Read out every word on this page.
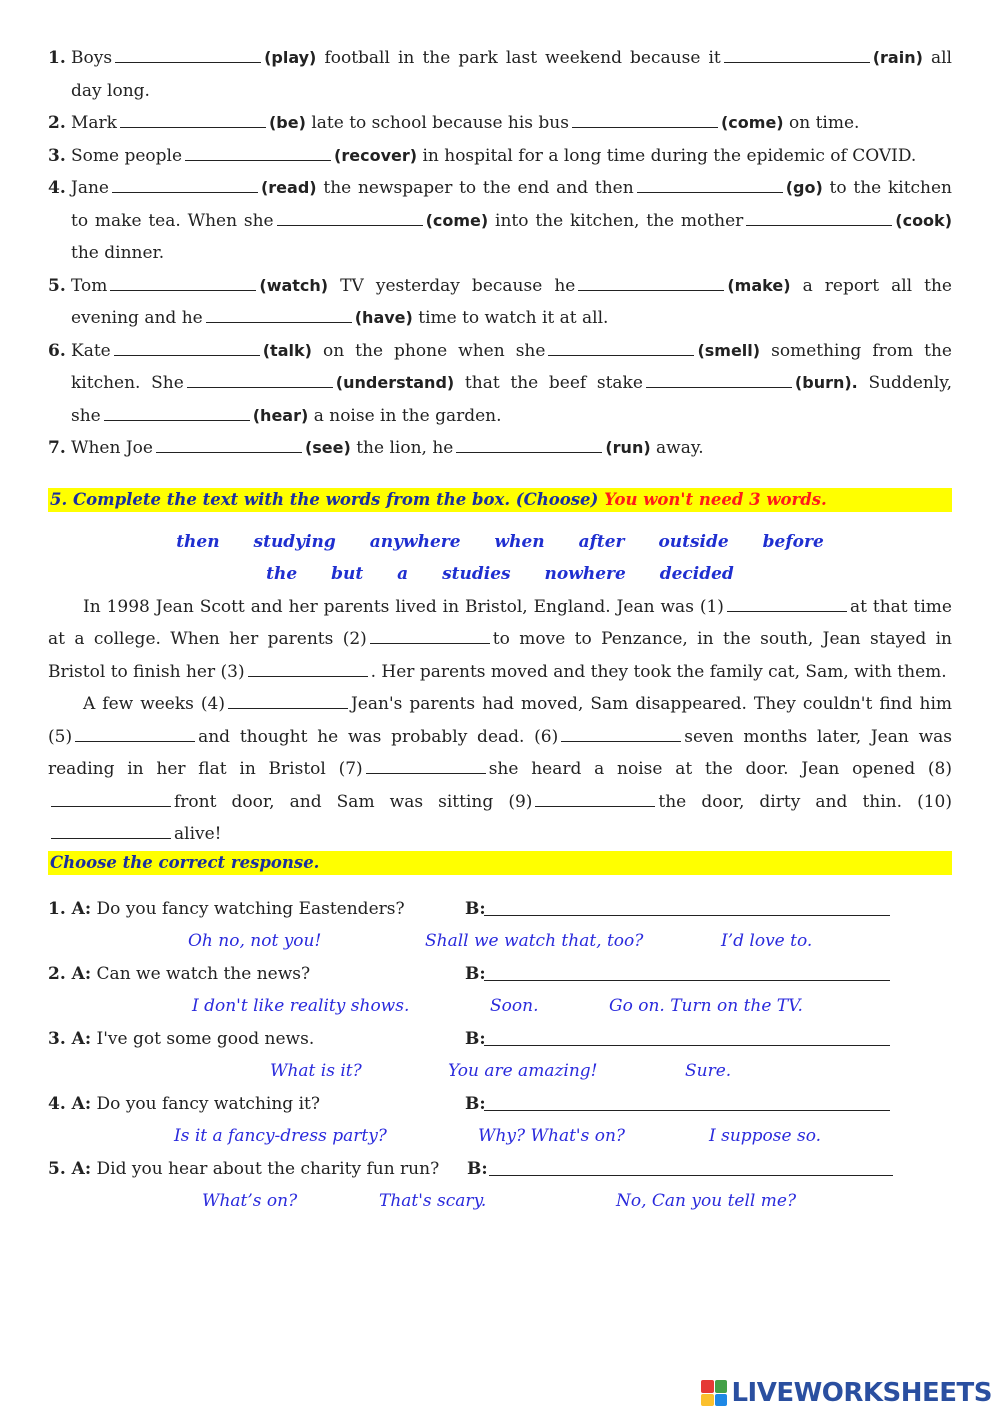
1. Boys	(play) football in the park last weekend because it	(rain) all day long.
2. Mark	(be) late to school because his bus	(come) on time.
3. Some people	(recover) in hospital for a long time during the epidemic of COVID.
4. Jane	(read) the newspaper to the end and then	(go) to the kitchen to make tea. When she	(come) into the kitchen, the mother	(cook) the dinner.
5. Tom	(watch) TV yesterday because he	(make) a report all the evening and he	(have) time to watch it at all.
6. Kate	(talk) on the phone when she	(smell) something from the kitchen. She	(understand) that the beef stake	(burn). Suddenly, she	(hear) a noise in the garden.
7. When Joe	(see) the lion, he	(run) away.
5. Complete the text with the words from the box. (Choose) You won't need 3 words.
then studying anywhere when after outside before
the but a studies nowhere decided

In 1998 Jean Scott and her parents lived in Bristol, England. Jean was (1)	at that time at a college. When her parents (2)	to move to Penzance, in the south, Jean stayed in Bristol to finish her (3)	. Her parents moved and they took the family cat, Sam, with them.

A few weeks (4)	Jean's parents had moved, Sam disappeared. They couldn't find him (5)	and thought he was probably dead. (6)	seven months later, Jean was reading in her flat in Bristol (7)	she heard a noise at the door. Jean opened (8)front door, and Sam was sitting (9)	the door, dirty and thin. (10)alive!

Choose the correct response.
1. A: Do you fancy watching Eastenders?	B:
Oh no, not you!	Shall we watch that, too?	I’d love to.
2. A: Can we watch the news?	B:
I don't like reality shows.	Soon.	Go on. Turn on the TV.
3. A: I've got some good news.	B:
What is it?	You are amazing!	Sure.
4. A: Do you fancy watching it?	B:
Is it a fancy-dress party?	Why? What's on?	I suppose so.
5. A: Did you hear about the charity fun run? B:
What’s on?	That's scary.	No, Can you tell me?
LIVEWORKSHEETS
